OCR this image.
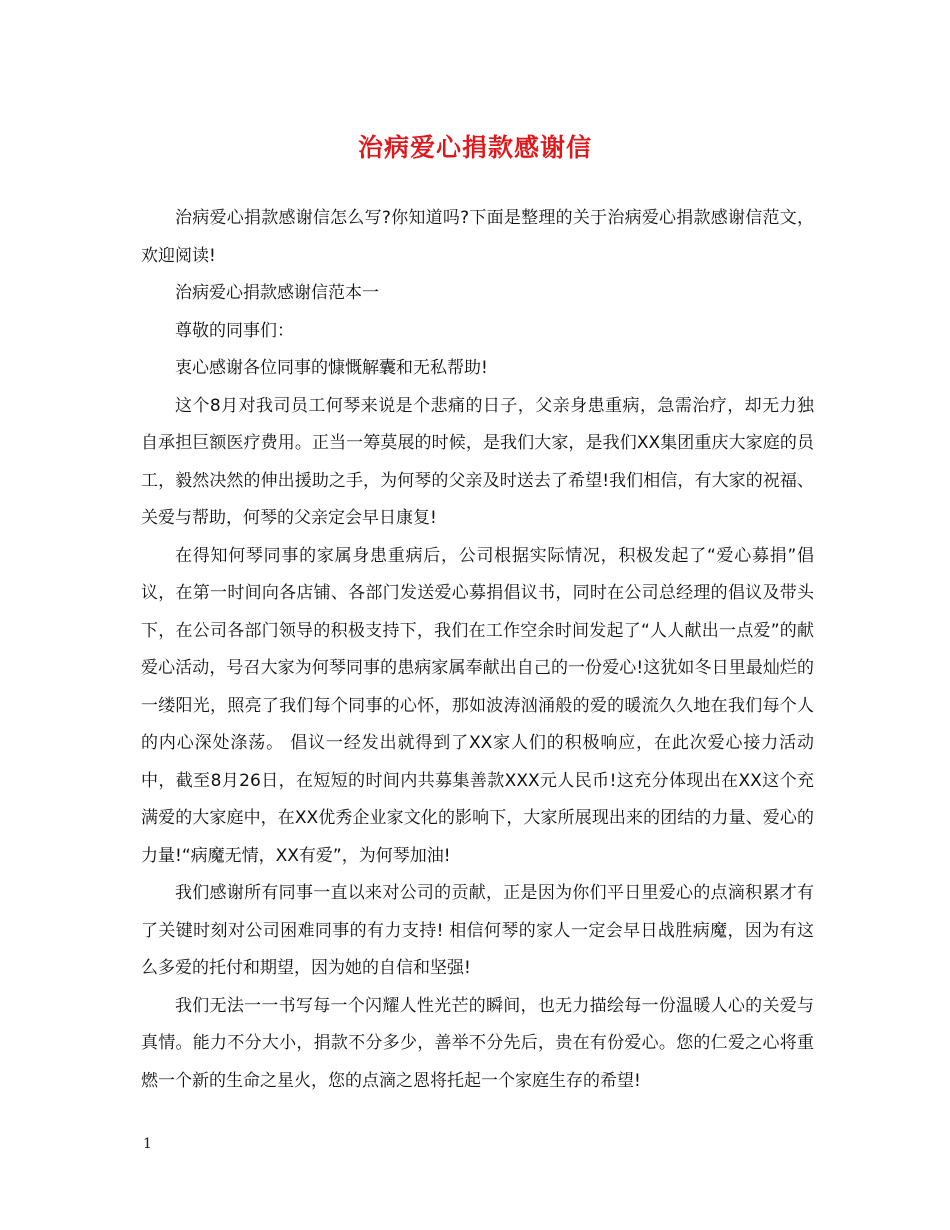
治病爱心捐款感谢信

治病爱心捐款感谢信怎么写?你知道吗?下面是整理的关于治病爱心捐款感谢信范文，欢迎阅读!

治病爱心捐款感谢信范本一

尊敬的同事们：

衷心感谢各位同事的慷慨解囊和无私帮助!

这个8月对我司员工何琴来说是个悲痛的日子，父亲身患重病，急需治疗，却无力独自承担巨额医疗费用。正当一筹莫展的时候，是我们大家，是我们XX集团重庆大家庭的员工，毅然决然的伸出援助之手，为何琴的父亲及时送去了希望!我们相信，有大家的祝福、关爱与帮助，何琴的父亲定会早日康复!

在得知何琴同事的家属身患重病后，公司根据实际情况，积极发起了“爱心募捐”倡议，在第一时间向各店铺、各部门发送爱心募捐倡议书，同时在公司总经理的倡议及带头下，在公司各部门领导的积极支持下，我们在工作空余时间发起了“人人献出一点爱”的献爱心活动，号召大家为何琴同事的患病家属奉献出自己的一份爱心!这犹如冬日里最灿烂的一缕阳光，照亮了我们每个同事的心怀，那如波涛汹涌般的爱的暖流久久地在我们每个人的内心深处涤荡。 倡议一经发出就得到了XX家人们的积极响应，在此次爱心接力活动中，截至8月26日，在短短的时间内共募集善款XXX元人民币!这充分体现出在XX这个充满爱的大家庭中，在XX优秀企业家文化的影响下，大家所展现出来的团结的力量、爱心的力量!“病魔无情，XX有爱”，为何琴加油!

我们感谢所有同事一直以来对公司的贡献，正是因为你们平日里爱心的点滴积累才有了关键时刻对公司困难同事的有力支持! 相信何琴的家人一定会早日战胜病魔，因为有这么多爱的托付和期望，因为她的自信和坚强!

我们无法一一书写每一个闪耀人性光芒的瞬间，也无力描绘每一份温暖人心的关爱与真情。能力不分大小，捐款不分多少，善举不分先后，贵在有份爱心。您的仁爱之心将重燃一个新的生命之星火，您的点滴之恩将托起一个家庭生存的希望!

1
